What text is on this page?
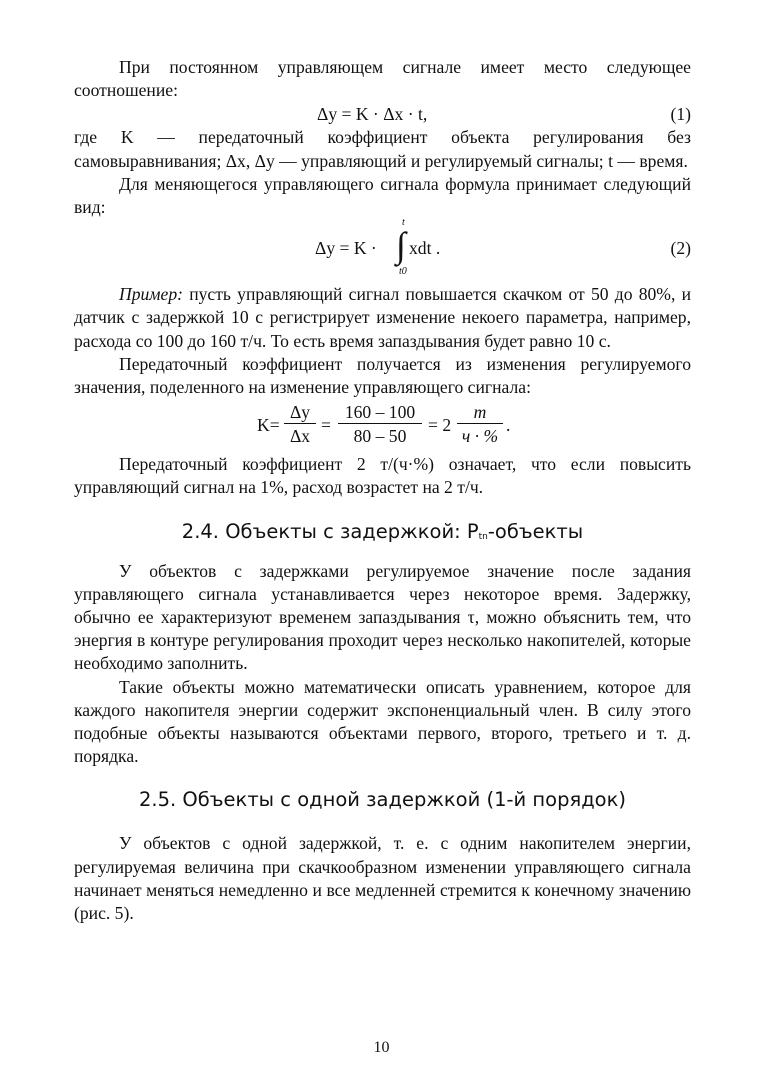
При постоянном управляющем сигнале имеет место следующее соотношение:

Δy = K · Δx · t,	(1)

где K — передаточный коэффициент объекта регулирования без самовыравнивания; Δx, Δy — управляющий и регулируемый сигналы; t — время.

Для меняющегося управляющего сигнала формула принимает следующий вид:

Δy = K ·
t
∫
t0
xdt .	(2)

Пример: пусть управляющий сигнал повышается скачком от 50 до 80%, и датчик с задержкой 10 с регистрирует изменение некоего параметра, например, расхода со 100 до 160 т/ч. То есть время запаздывания будет равно 10 с.

Передаточный коэффициент получается из изменения регулируемого значения, поделенного на изменение управляющего сигнала:

K=
Δy
Δx
=
160 – 100
80 – 50
= 2
т
ч · %
.

Передаточный коэффициент 2 т/(ч·%) означает, что если повысить управляющий сигнал на 1%, расход возрастет на 2 т/ч.

2.4. Объекты с задержкой: $P_{tn}$-объекты

У объектов с задержками регулируемое значение после задания управляющего сигнала устанавливается через некоторое время. Задержку, обычно ее характеризуют временем запаздывания τ, можно объяснить тем, что энергия в контуре регулирования проходит через несколько накопителей, которые необходимо заполнить.

Такие объекты можно математически описать уравнением, которое для каждого накопителя энергии содержит экспоненциальный член. В силу этого подобные объекты называются объектами первого, второго, третьего и т. д. порядка.

2.5. Объекты с одной задержкой (1-й порядок)

У объектов с одной задержкой, т. е. с одним накопителем энергии, регулируемая величина при скачкообразном изменении управляющего сигнала начинает меняться немедленно и все медленней стремится к конечному значению (рис. 5).

10
